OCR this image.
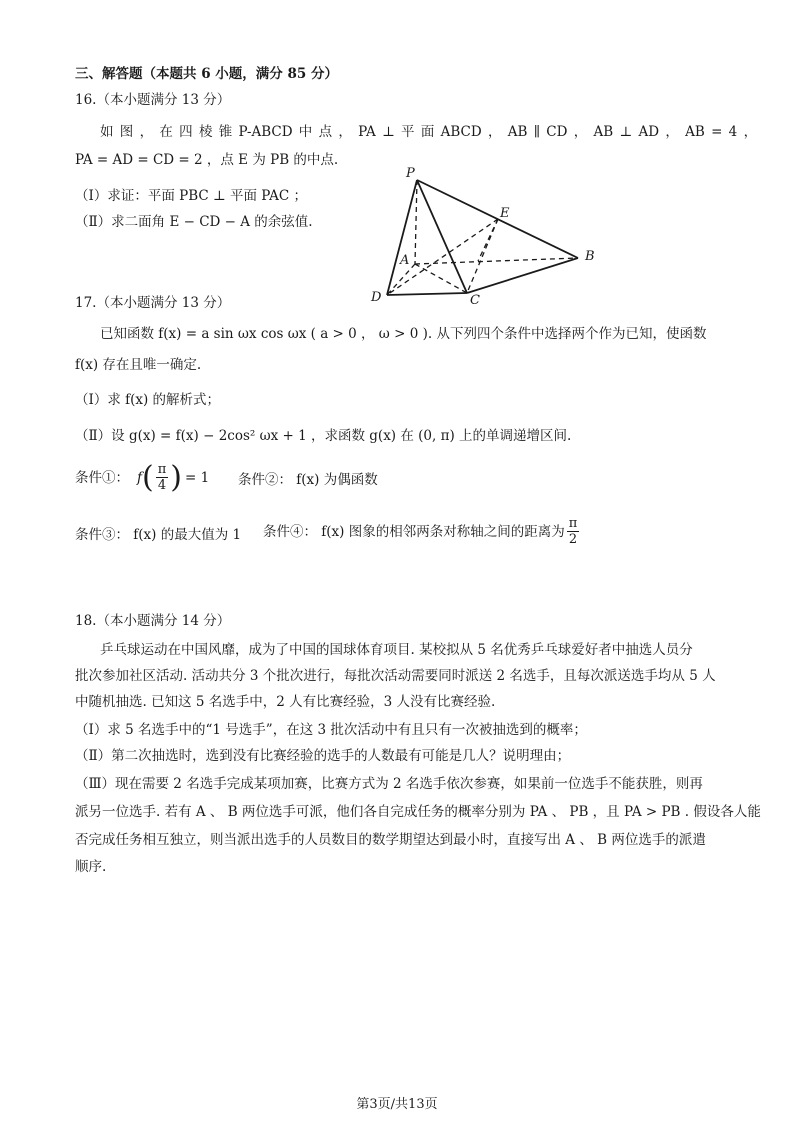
三、解答题（本题共 6 小题，满分 85 分）
16.（本小题满分 13 分）
如 图 ， 在 四 棱 锥 P-ABCD 中 点 ， PA ⊥ 平 面 ABCD ， AB ∥ CD ， AB ⊥ AD ， AB = 4 ，
PA = AD = CD = 2 ，点 E 为 PB 的中点.
（Ⅰ）求证：平面 PBC ⊥ 平面 PAC ；
（Ⅱ）求二面角 E − CD − A 的余弦值.
P
E
A	B
D	C
17.（本小题满分 13 分）
已知函数 f(x) = a sin ωx cos ωx ( a > 0 ， ω > 0 ). 从下列四个条件中选择两个作为已知，使函数
f(x) 存在且唯一确定.
（Ⅰ）求 f(x) 的解析式；
（Ⅱ）设 g(x) = f(x) − 2cos² ωx + 1 ，求函数 g(x) 在 (0, π) 上的单调递增区间.
条件①： f ( $\frac{\pi}{4}$ ) = 1 条件②： f(x) 为偶函数
条件③： f(x) 的最大值为 1 条件④： f(x) 图象的相邻两条对称轴之间的距离为 $\frac{\pi}{2}$
18.（本小题满分 14 分）
乒乓球运动在中国风靡，成为了中国的国球体育项目. 某校拟从 5 名优秀乒乓球爱好者中抽选人员分
批次参加社区活动. 活动共分 3 个批次进行，每批次活动需要同时派送 2 名选手，且每次派送选手均从 5 人
中随机抽选. 已知这 5 名选手中，2 人有比赛经验，3 人没有比赛经验.
（Ⅰ）求 5 名选手中的“1 号选手”，在这 3 批次活动中有且只有一次被抽选到的概率；
（Ⅱ）第二次抽选时，选到没有比赛经验的选手的人数最有可能是几人？说明理由；
（Ⅲ）现在需要 2 名选手完成某项加赛，比赛方式为 2 名选手依次参赛，如果前一位选手不能获胜，则再
派另一位选手. 若有 A 、 B 两位选手可派，他们各自完成任务的概率分别为 PA 、 PB ，且 PA > PB . 假设各人能
否完成任务相互独立，则当派出选手的人员数目的数学期望达到最小时，直接写出 A 、 B 两位选手的派遣
顺序.
第3页/共13页
